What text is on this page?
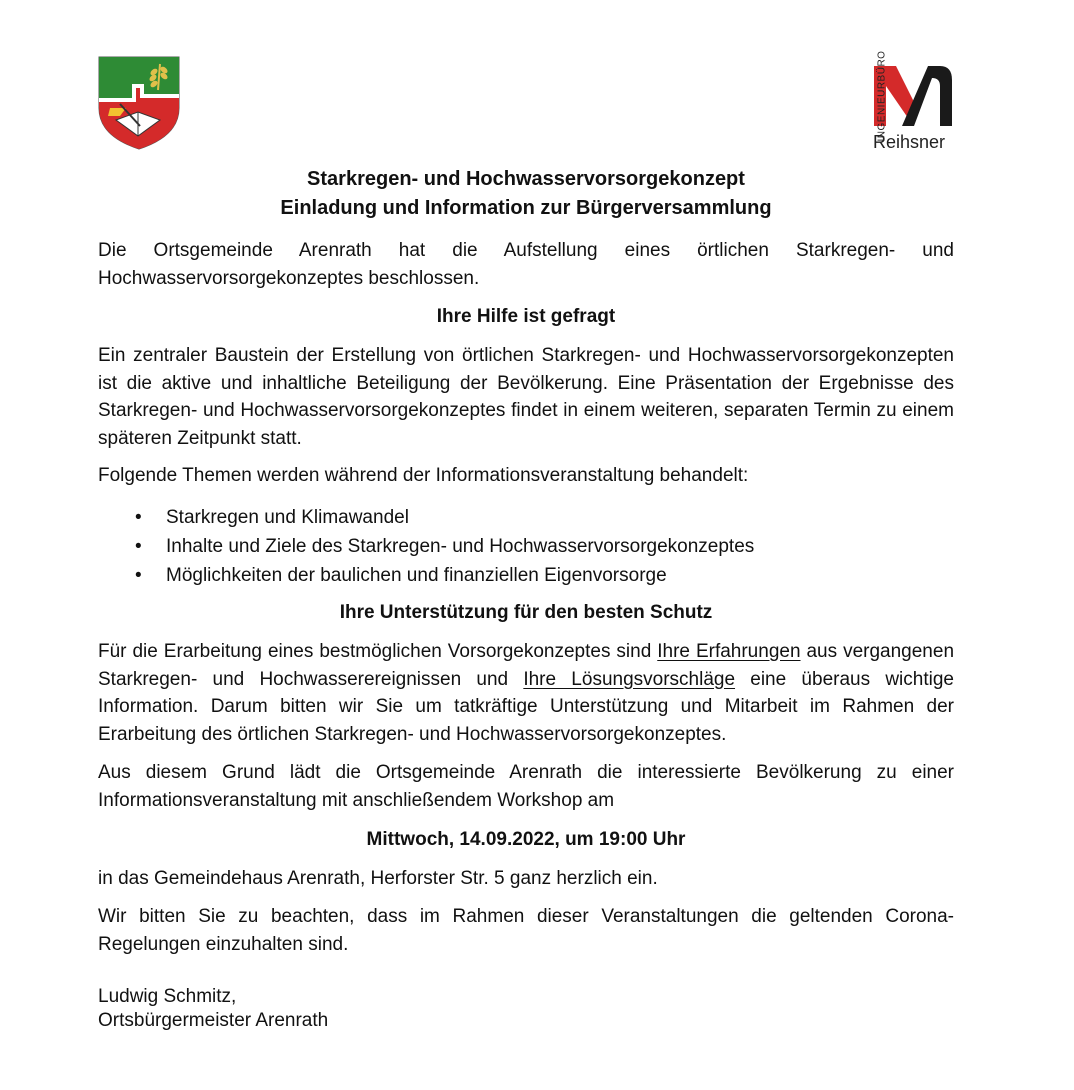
INGENIEURBÜRO
Reihsner
Starkregen- und Hochwasservorsorgekonzept
Einladung und Information zur Bürgerversammlung

Die Ortsgemeinde Arenrath hat die Aufstellung eines örtlichen Starkregen- und Hochwasservorsorgekonzeptes beschlossen.

Ihre Hilfe ist gefragt

Ein zentraler Baustein der Erstellung von örtlichen Starkregen- und Hochwasservorsorgekonzepten ist die aktive und inhaltliche Beteiligung der Bevölkerung. Eine Präsentation der Ergebnisse des Starkregen- und Hochwasservorsorgekonzeptes findet in einem weiteren, separaten Termin zu einem späteren Zeitpunkt statt.

Folgende Themen werden während der Informationsveranstaltung behandelt:

• Starkregen und Klimawandel
• Inhalte und Ziele des Starkregen- und Hochwasservorsorgekonzeptes
• Möglichkeiten der baulichen und finanziellen Eigenvorsorge
Ihre Unterstützung für den besten Schutz

Für die Erarbeitung eines bestmöglichen Vorsorgekonzeptes sind Ihre Erfahrungen aus vergangenen Starkregen- und Hochwasserereignissen und Ihre Lösungsvorschläge eine überaus wichtige Information. Darum bitten wir Sie um tatkräftige Unterstützung und Mitarbeit im Rahmen der Erarbeitung des örtlichen Starkregen- und Hochwasservorsorgekonzeptes.

Aus diesem Grund lädt die Ortsgemeinde Arenrath die interessierte Bevölkerung zu einer Informationsveranstaltung mit anschließendem Workshop am

Mittwoch, 14.09.2022, um 19:00 Uhr

in das Gemeindehaus Arenrath, Herforster Str. 5 ganz herzlich ein.

Wir bitten Sie zu beachten, dass im Rahmen dieser Veranstaltungen die geltenden Corona-Regelungen einzuhalten sind.

Ludwig Schmitz,
Ortsbürgermeister Arenrath
